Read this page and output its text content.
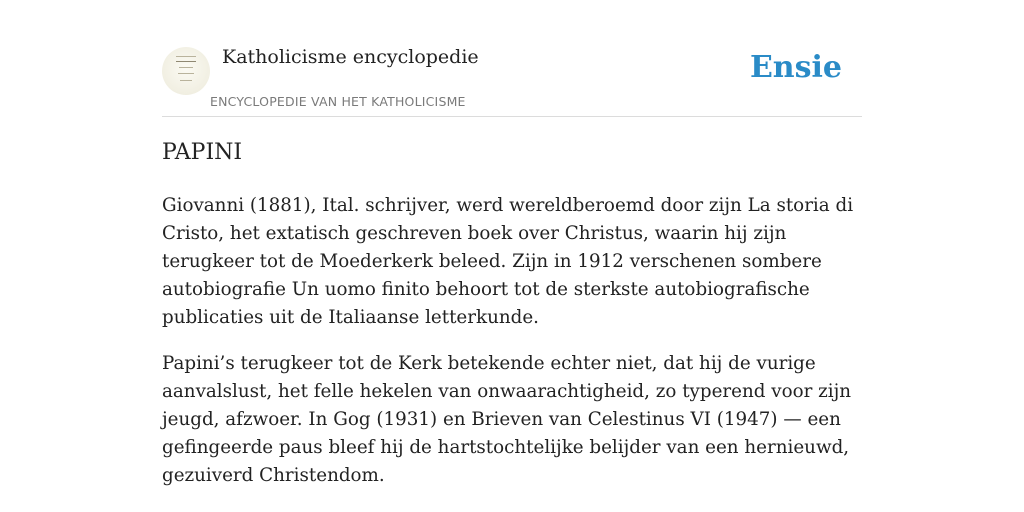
Katholicisme encyclopedie
ENCYCLOPEDIE VAN HET KATHOLICISME
Ensie
PAPINI

Giovanni (1881), Ital. schrijver, werd wereldberoemd door zijn La storia di Cristo, het extatisch geschreven boek over Christus, waarin hij zijn terugkeer tot de Moederkerk beleed. Zijn in 1912 verschenen sombere autobiografie Un uomo finito behoort tot de sterkste autobiografische publicaties uit de Italiaanse letterkunde.

Papini’s terugkeer tot de Kerk betekende echter niet, dat hij de vurige aanvalslust, het felle hekelen van onwaarachtigheid, zo typerend voor zijn jeugd, afzwoer. In Gog (1931) en Brieven van Celestinus VI (1947) — een gefingeerde paus bleef hij de hartstochtelijke belijder van een hernieuwd, gezuiverd Christendom.
